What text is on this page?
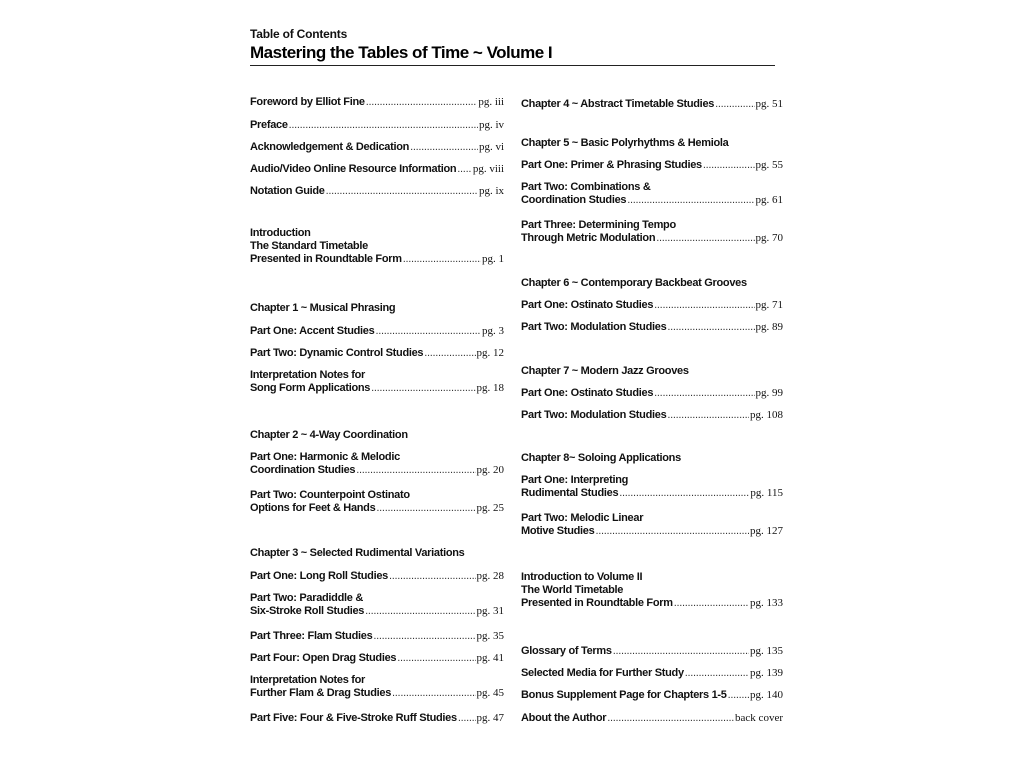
Table of Contents
Mastering the Tables of Time ~ Volume I
Foreword by Elliot Fine .....	pg. iii
Preface .....	pg. iv
Acknowledgement & Dedication .....	pg. vi
Audio/Video Online Resource Information ..... pg. viii
Notation Guide .....	pg. ix
Introduction
The Standard Timetable
Presented in Roundtable Form .....	pg. 1
Chapter 1 ~ Musical Phrasing
Part One: Accent Studies .....	pg. 3
Part Two: Dynamic Control Studies .....	pg. 12
Interpretation Notes for
Song Form Applications .....	pg. 18
Chapter 2 ~ 4-Way Coordination
Part One: Harmonic & Melodic
Coordination Studies .....	pg. 20
Part Two: Counterpoint Ostinato
Options for Feet & Hands .....	pg. 25
Chapter 3 ~ Selected Rudimental Variations
Part One: Long Roll Studies .....	pg. 28
Part Two: Paradiddle &
Six-Stroke Roll Studies .....	pg. 31
Part Three: Flam Studies .....	pg. 35
Part Four: Open Drag Studies .....	pg. 41
Interpretation Notes for
Further Flam & Drag Studies .....	pg. 45
Part Five: Four & Five-Stroke Ruff Studies ..... pg. 47
Chapter 4 ~ Abstract Timetable Studies .....	pg. 51
Chapter 5 ~ Basic Polyrhythms & Hemiola
Part One: Primer & Phrasing Studies .....	pg. 55
Part Two: Combinations &
Coordination Studies .....	pg. 61
Part Three: Determining Tempo
Through Metric Modulation .....	pg. 70
Chapter 6 ~ Contemporary Backbeat Grooves
Part One: Ostinato Studies .....	pg. 71
Part Two: Modulation Studies .....	pg. 89
Chapter 7 ~ Modern Jazz Grooves
Part One: Ostinato Studies .....	pg. 99
Part Two: Modulation Studies .....	pg. 108
Chapter 8~ Soloing Applications
Part One: Interpreting
Rudimental Studies .....	pg. 115
Part Two: Melodic Linear
Motive Studies .....	pg. 127
Introduction to Volume II
The World Timetable
Presented in Roundtable Form .....	pg. 133
Glossary of Terms .....	pg. 135
Selected Media for Further Study .....	pg. 139
Bonus Supplement Page for Chapters 1-5 ..... pg. 140
About the Author .....	back cover
